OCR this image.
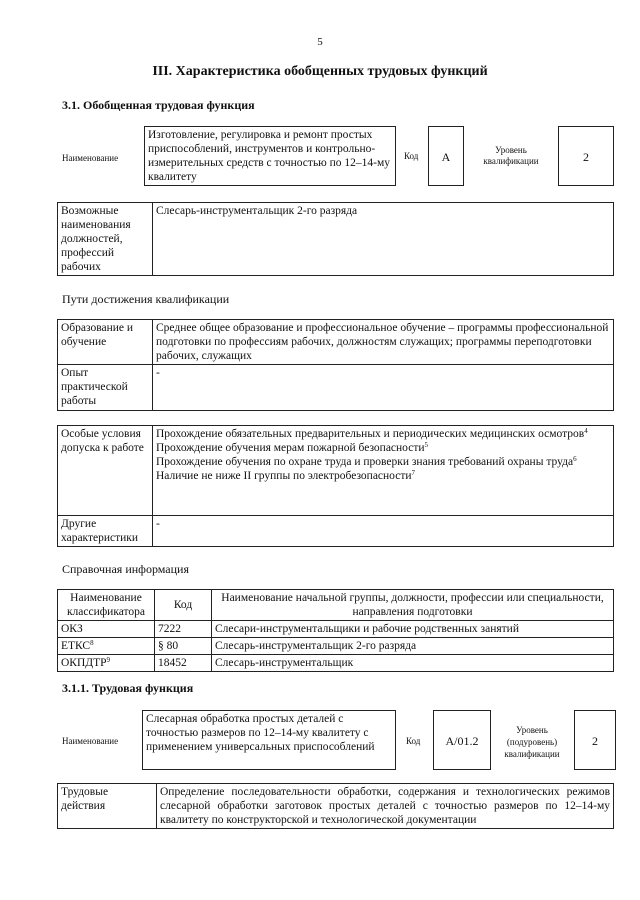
5
III. Характеристика обобщенных трудовых функций
3.1. Обобщенная трудовая функция
Наименование
Изготовление, регулировка и ремонт простых приспособлений, инструментов и контрольно-измерительных средств с точностью по 12–14-му квалитету
Код	А	Уровень квалификации	2
Возможные наименования должностей, профессий рабочих	Слесарь-инструментальщик 2-го разряда
Пути достижения квалификации
Образование и обучение	Среднее общее образование и профессиональное обучение – программы профессиональной подготовки по профессиям рабочих, должностям служащих; программы переподготовки рабочих, служащих
Опыт практической работы	-
Особые условия допуска к работе	Прохождение обязательных предварительных и периодических медицинских осмотров$^4$
Прохождение обучения мерам пожарной безопасности$^5$
Прохождение обучения по охране труда и проверки знания требований охраны труда$^6$
Наличие не ниже II группы по электробезопасности$^7$

Другие характеристики	-
Справочная информация
Наименование классификатора	Код	Наименование начальной группы, должности, профессии или специальности, направления подготовки
ОКЗ	7222	Слесари-инструментальщики и рабочие родственных занятий
ЕТКС$^8$	§ 80	Слесарь-инструментальщик 2-го разряда
ОКПДТР$^9$	18452	Слесарь-инструментальщик
3.1.1. Трудовая функция
Наименование
Слесарная обработка простых деталей с точностью размеров по 12–14-му квалитету с применением универсальных приспособлений	Код	А/01.2
Уровень (подуровень) квалификации
2
Трудовые действия	Определение последовательности обработки, содержания и технологических режимов слесарной обработки заготовок простых деталей с точностью размеров по 12–14-му квалитету по конструкторской и технологической документации
